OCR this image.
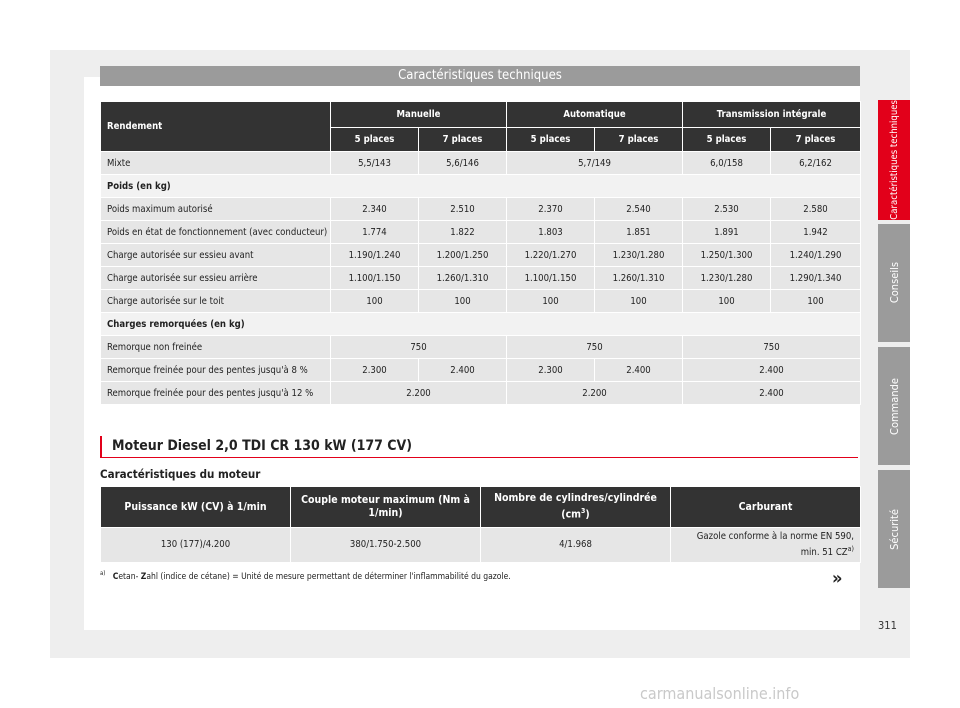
Caractéristiques techniques
Rendement	Manuelle		Automatique		Transmission intégrale	
	5 places	7 places	5 places	7 places	5 places	7 places
Mixte	5,5/143	5,6/146	5,7/149		6,0/158	6,2/162
Poids (en kg)						
Poids maximum autorisé	2.340	2.510	2.370	2.540	2.530	2.580
Poids en état de fonctionnement (avec conducteur)	1.774	1.822	1.803	1.851	1.891	1.942
Charge autorisée sur essieu avant	1.190/1.240	1.200/1.250	1.220/1.270	1.230/1.280	1.250/1.300	1.240/1.290
Charge autorisée sur essieu arrière	1.100/1.150	1.260/1.310	1.100/1.150	1.260/1.310	1.230/1.280	1.290/1.340
Charge autorisée sur le toit	100	100	100	100	100	100
Charges remorquées (en kg)						
Remorque non freinée	750		750		750	
Remorque freinée pour des pentes jusqu'à 8 %	2.300	2.400	2.300	2.400	2.400	
Remorque freinée pour des pentes jusqu'à 12 %	2.200		2.200		2.400	
Moteur Diesel 2,0 TDI CR 130 kW (177 CV)
Caractéristiques du moteur
Puissance kW (CV) à 1/min	Couple moteur maximum (Nm à 1/min)	Nombre de cylindres/cylindrée $(cm^3)$	Carburant
130 (177)/4.200	380/1.750-2.500	4/1.968	Gazole conforme à la norme EN 590, min. 51 CZ$^{a)}$
$^{a)}$ Cetan- Zahl (indice de cétane) = Unité de mesure permettant de déterminer l'inflammabilité du gazole.	»
311
Caractéristiques techniques
Conseils
Commande
Sécurité
carmanualsonline.info
